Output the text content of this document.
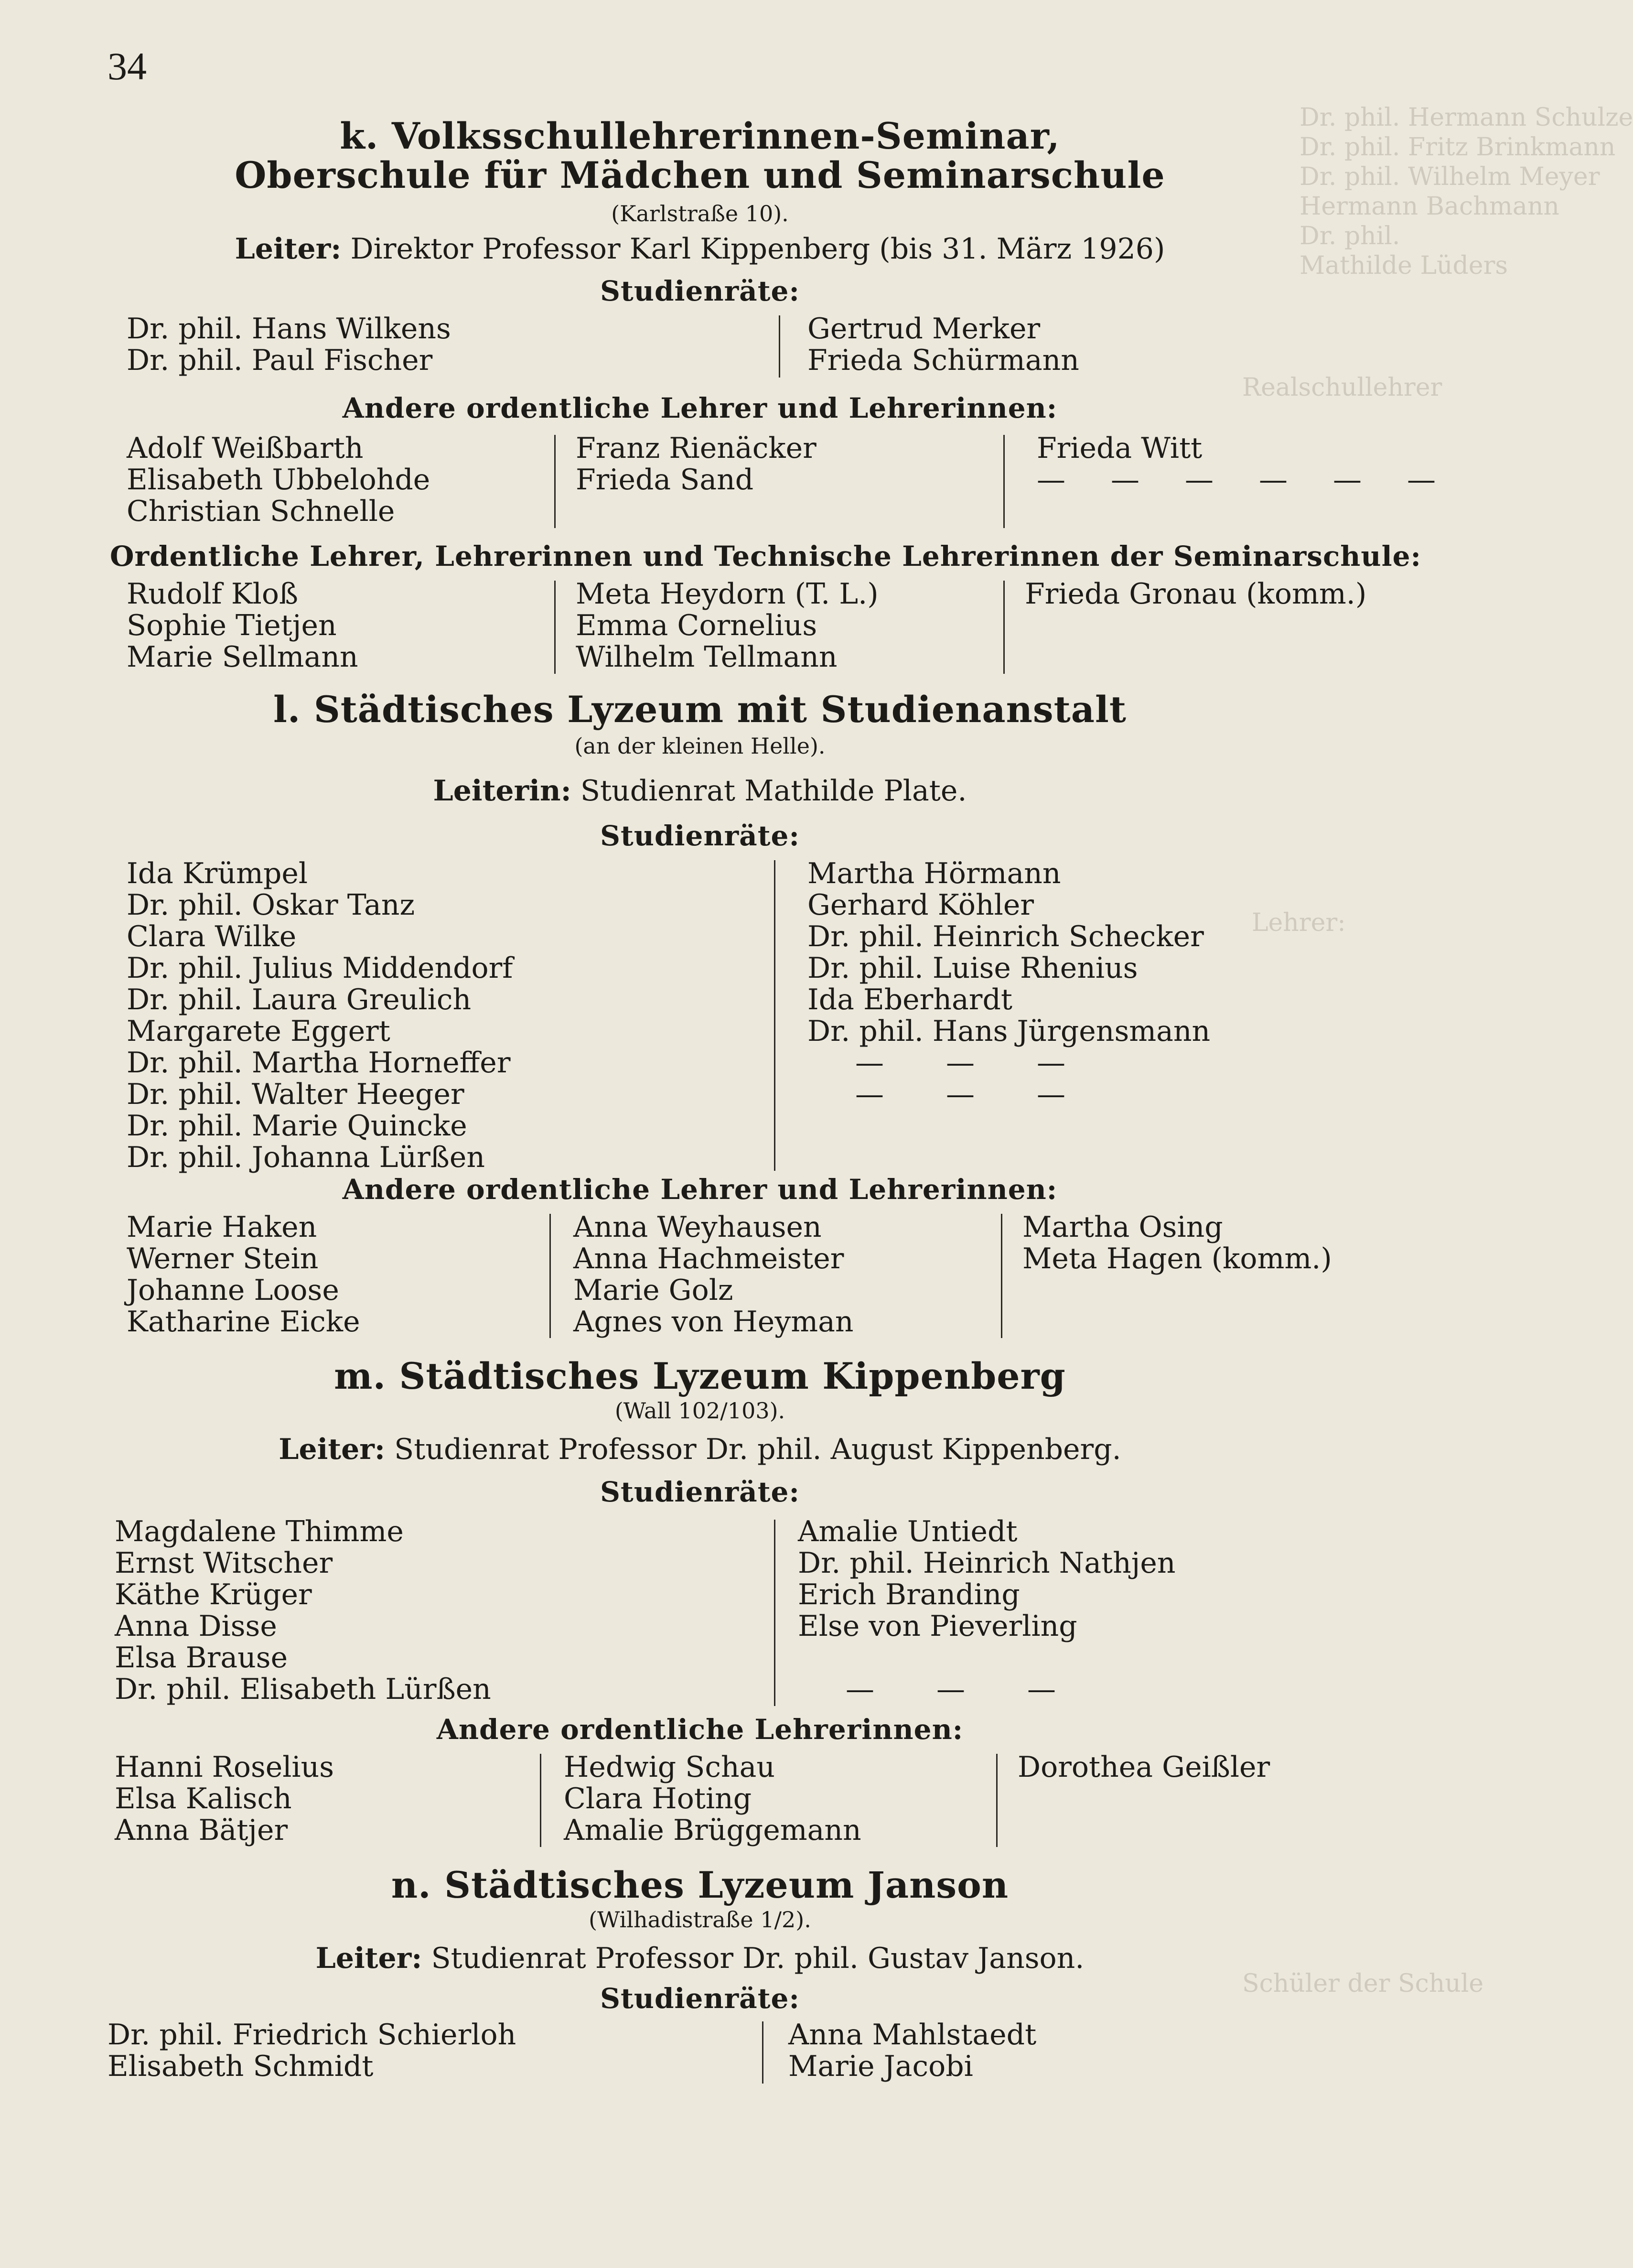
Dr. phil. Hermann Schulze
Dr. phil. Fritz Brinkmann
Dr. phil. Wilhelm Meyer
Hermann Bachmann
Dr. phil.
Mathilde Lüders
Realschullehrer
Lehrer:
Schüler der Schule
34
k. Volksschullehrerinnen-Seminar,
Oberschule für Mädchen und Seminarschule
(Karlstraße 10).
Leiter: Direktor Professor Karl Kippenberg (bis 31. März 1926)
Studienräte:
Dr. phil. Hans Wilkens
Dr. phil. Paul Fischer
Gertrud Merker
Frieda Schürmann
Andere ordentliche Lehrer und Lehrerinnen:
Adolf Weißbarth
Elisabeth Ubbelohde
Christian Schnelle
Franz Rienäcker
Frieda Sand
Frieda Witt
— — — — — —
Ordentliche Lehrer, Lehrerinnen und Technische Lehrerinnen der Seminarschule:
Rudolf Kloß
Sophie Tietjen
Marie Sellmann
Meta Heydorn (T. L.)
Emma Cornelius
Wilhelm Tellmann
Frieda Gronau (komm.)
l. Städtisches Lyzeum mit Studienanstalt
(an der kleinen Helle).
Leiterin: Studienrat Mathilde Plate.
Studienräte:
Ida Krümpel
Dr. phil. Oskar Tanz
Clara Wilke
Dr. phil. Julius Middendorf
Dr. phil. Laura Greulich
Margarete Eggert
Dr. phil. Martha Horneffer
Dr. phil. Walter Heeger
Dr. phil. Marie Quincke
Dr. phil. Johanna Lürßen
Martha Hörmann
Gerhard Köhler
Dr. phil. Heinrich Schecker
Dr. phil. Luise Rhenius
Ida Eberhardt
Dr. phil. Hans Jürgensmann
— — —
— — —
Andere ordentliche Lehrer und Lehrerinnen:
Marie Haken
Werner Stein
Johanne Loose
Katharine Eicke
Anna Weyhausen
Anna Hachmeister
Marie Golz
Agnes von Heyman
Martha Osing
Meta Hagen (komm.)
m. Städtisches Lyzeum Kippenberg
(Wall 102/103).
Leiter: Studienrat Professor Dr. phil. August Kippenberg.
Studienräte:
Magdalene Thimme
Ernst Witscher
Käthe Krüger
Anna Disse
Elsa Brause
Dr. phil. Elisabeth Lürßen
Amalie Untiedt
Dr. phil. Heinrich Nathjen
Erich Branding
Else von Pieverling
— — —
Andere ordentliche Lehrerinnen:
Hanni Roselius
Elsa Kalisch
Anna Bätjer
Hedwig Schau
Clara Hoting
Amalie Brüggemann
Dorothea Geißler
n. Städtisches Lyzeum Janson
(Wilhadistraße 1/2).
Leiter: Studienrat Professor Dr. phil. Gustav Janson.
Studienräte:
Dr. phil. Friedrich Schierloh
Elisabeth Schmidt
Anna Mahlstaedt
Marie Jacobi
